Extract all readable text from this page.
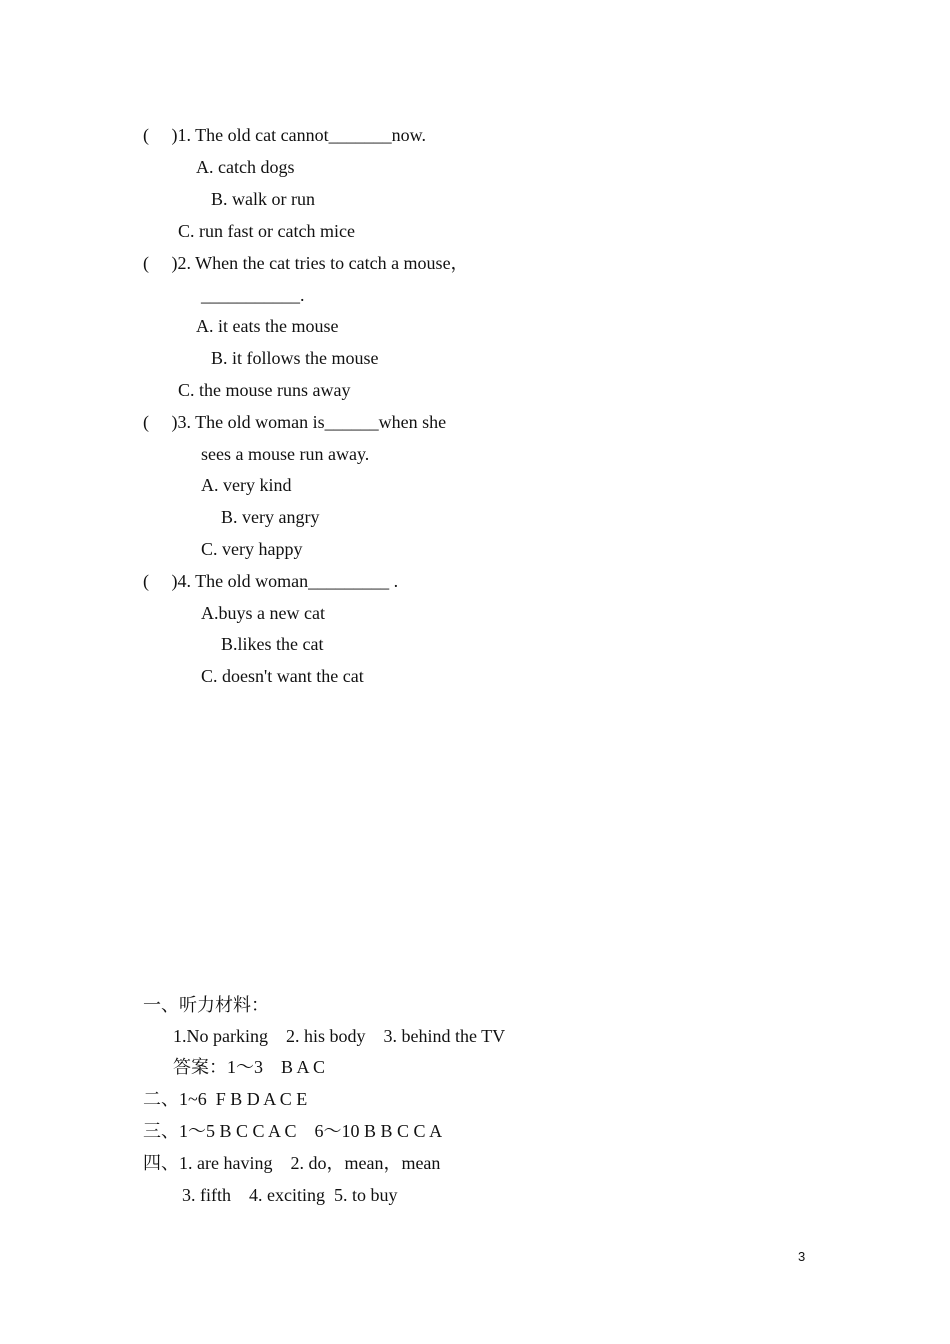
(     )1. The old cat cannot_______now.
A. catch dogs
B. walk or run
C. run fast or catch mice
(     )2. When the cat tries to catch a mouse，
___________.
A. it eats the mouse
B. it follows the mouse
C. the mouse runs away
(     )3. The old woman is______when she
sees a mouse run away.
A. very kind
B. very angry
C. very happy
(     )4. The old woman_________ .
A.buys a new cat
B.likes the cat
C. doesn't want the cat
一、听力材料：
1.No parking    2. his body    3. behind the TV
答案：1～3    B A C
二、1~6  F B D A C E
三、1～5 B C C A C    6～10 B B C C A
四、1. are having    2. do，mean，mean
3. fifth    4. exciting  5. to buy
3
